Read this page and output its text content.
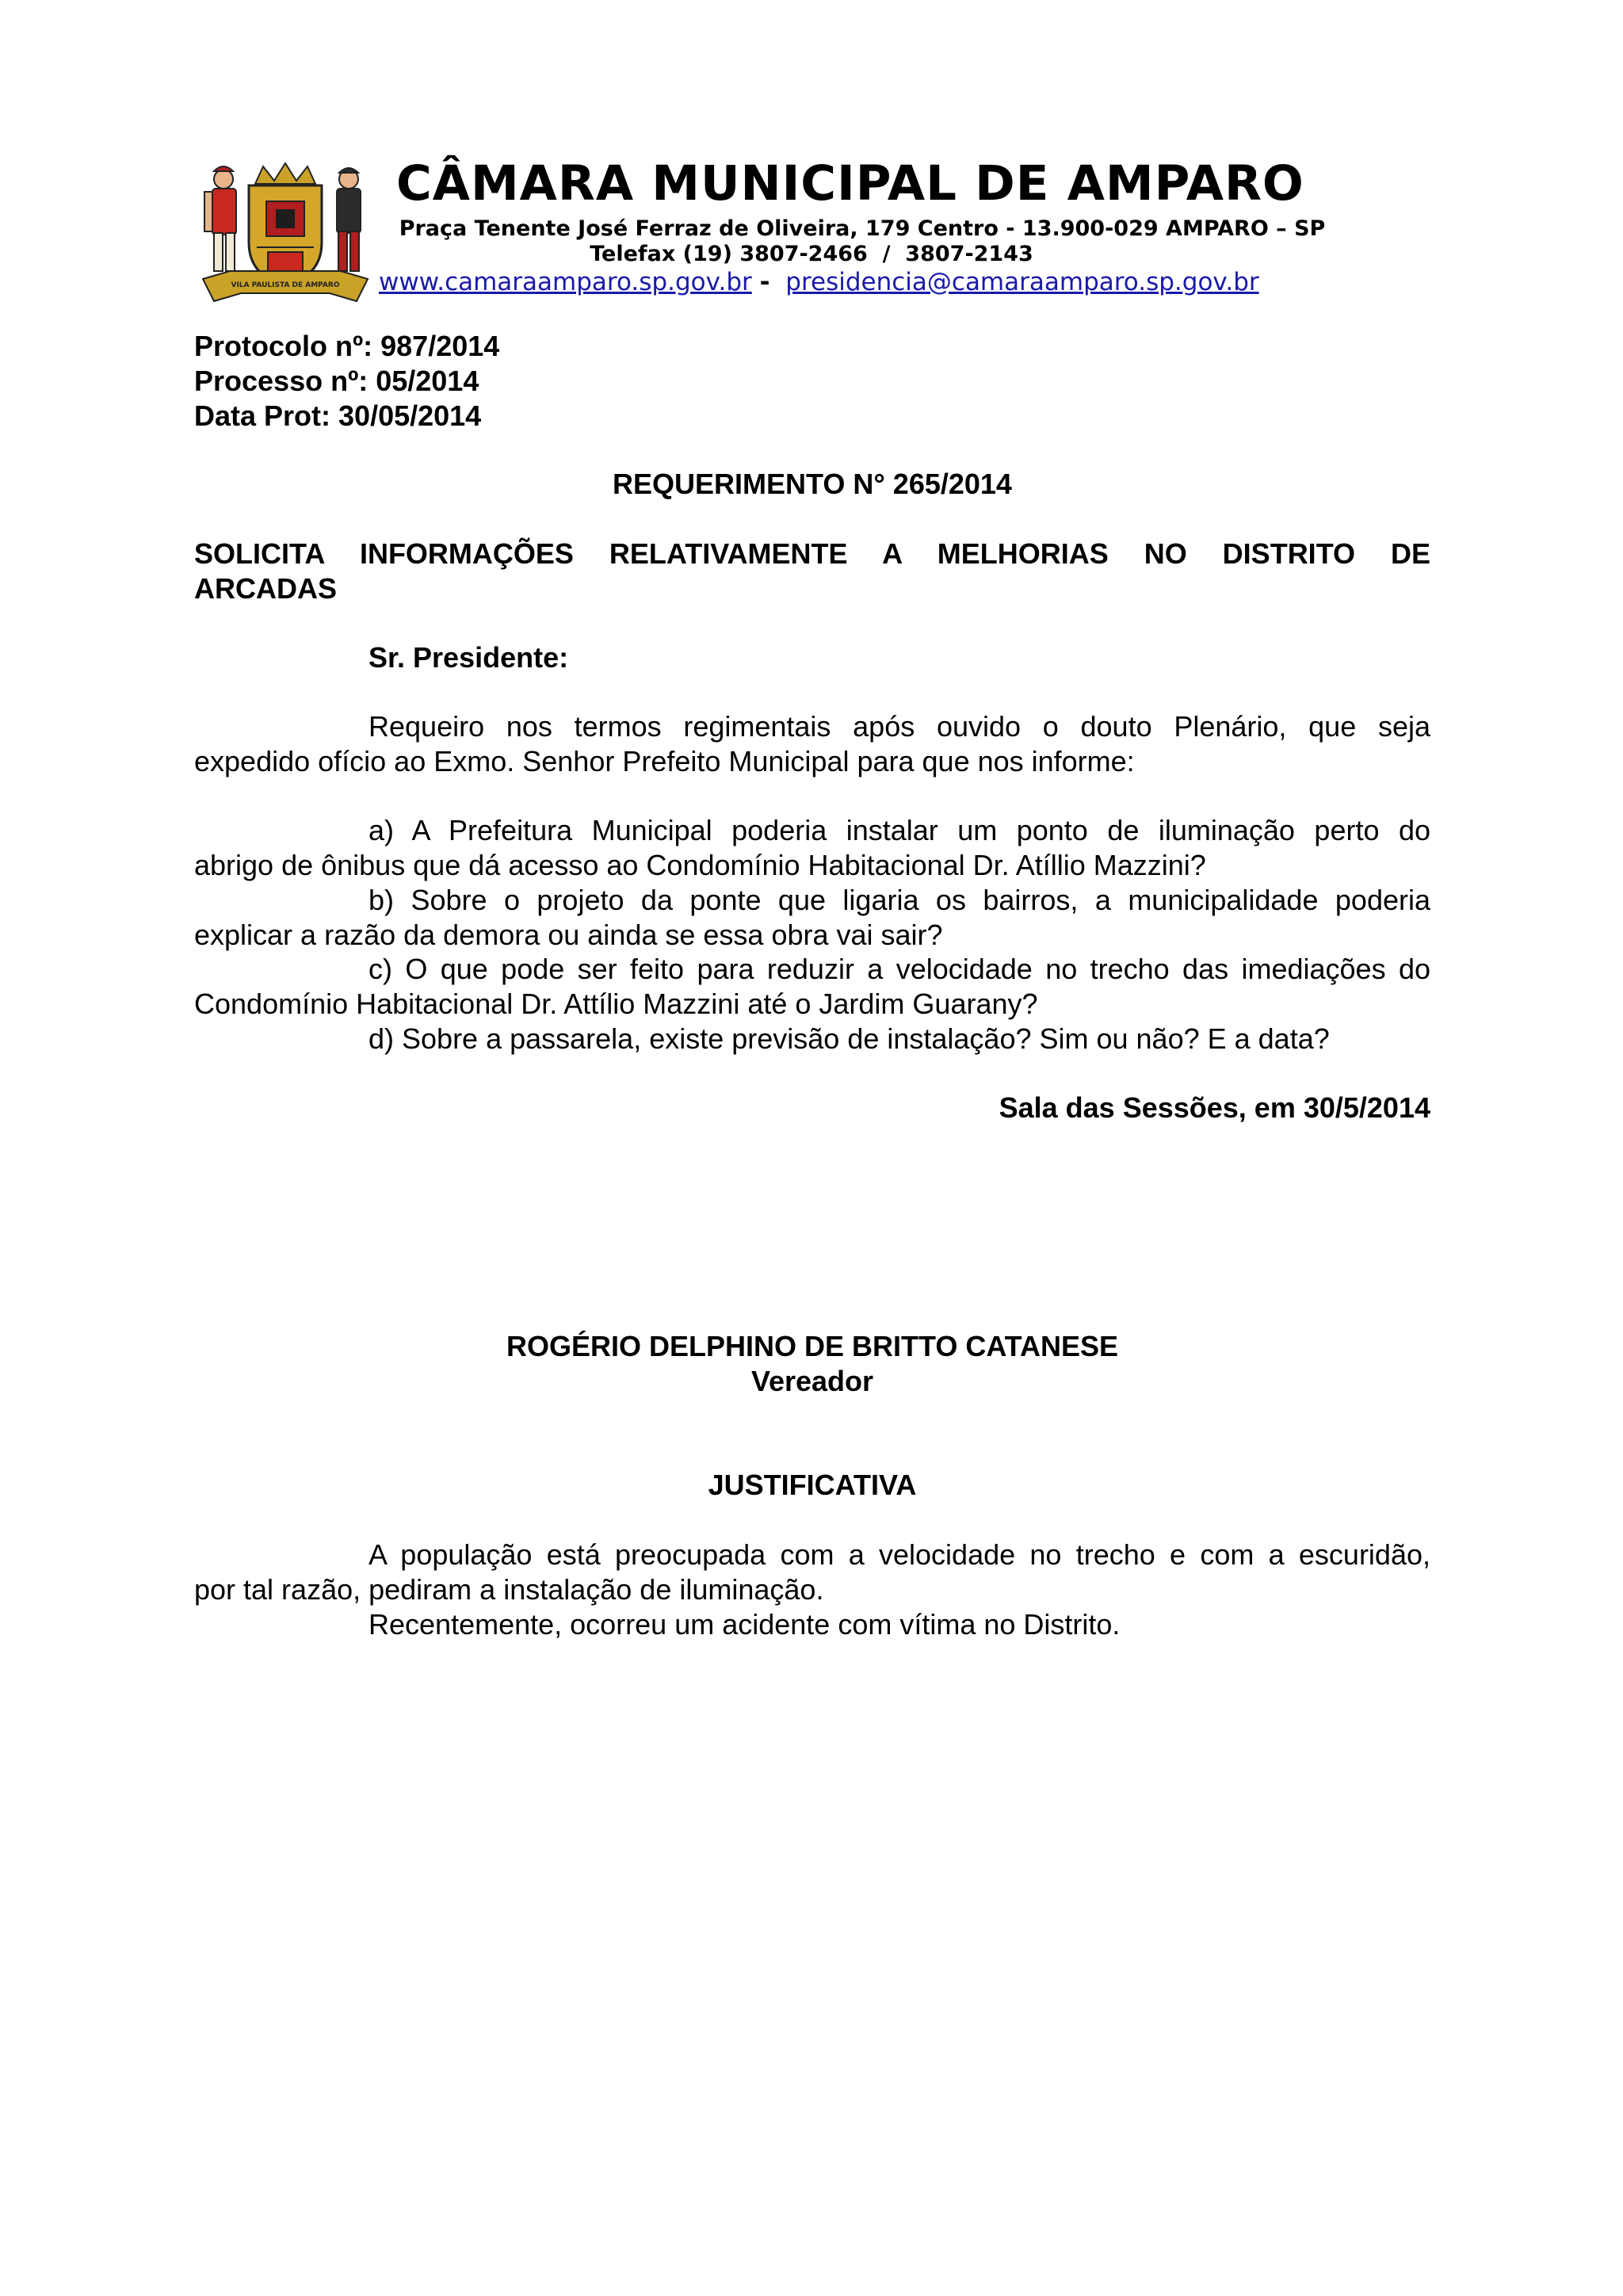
VILA PAULISTA DE AMPARO
CÂMARA MUNICIPAL DE AMPARO
Praça Tenente José Ferraz de Oliveira, 179 Centro - 13.900-029 AMPARO – SP
Telefax (19) 3807-2466  /  3807-2143
www.camaraamparo.sp.gov.br - presidencia@camaraamparo.sp.gov.br
Protocolo nº: 987/2014
Processo nº: 05/2014
Data Prot: 30/05/2014
REQUERIMENTO N° 265/2014
SOLICITA INFORMAÇÕES RELATIVAMENTE A MELHORIAS NO DISTRITO DE
ARCADAS
Sr. Presidente:
Requeiro nos termos regimentais após ouvido o douto Plenário, que seja
expedido ofício ao Exmo. Senhor Prefeito Municipal para que nos informe:
a) A Prefeitura Municipal poderia instalar um ponto de iluminação perto do
abrigo de ônibus que dá acesso ao Condomínio Habitacional Dr. Atíllio Mazzini?
b) Sobre o projeto da ponte que ligaria os bairros, a municipalidade poderia
explicar a razão da demora ou ainda se essa obra vai sair?
c) O que pode ser feito para reduzir a velocidade no trecho das imediações do
Condomínio Habitacional Dr. Attílio Mazzini até o Jardim Guarany?
d) Sobre a passarela, existe previsão de instalação? Sim ou não? E a data?
Sala das Sessões, em 30/5/2014
ROGÉRIO DELPHINO DE BRITTO CATANESE
Vereador
JUSTIFICATIVA
A população está preocupada com a velocidade no trecho e com a escuridão,
por tal razão, pediram a instalação de iluminação.
Recentemente, ocorreu um acidente com vítima no Distrito.
